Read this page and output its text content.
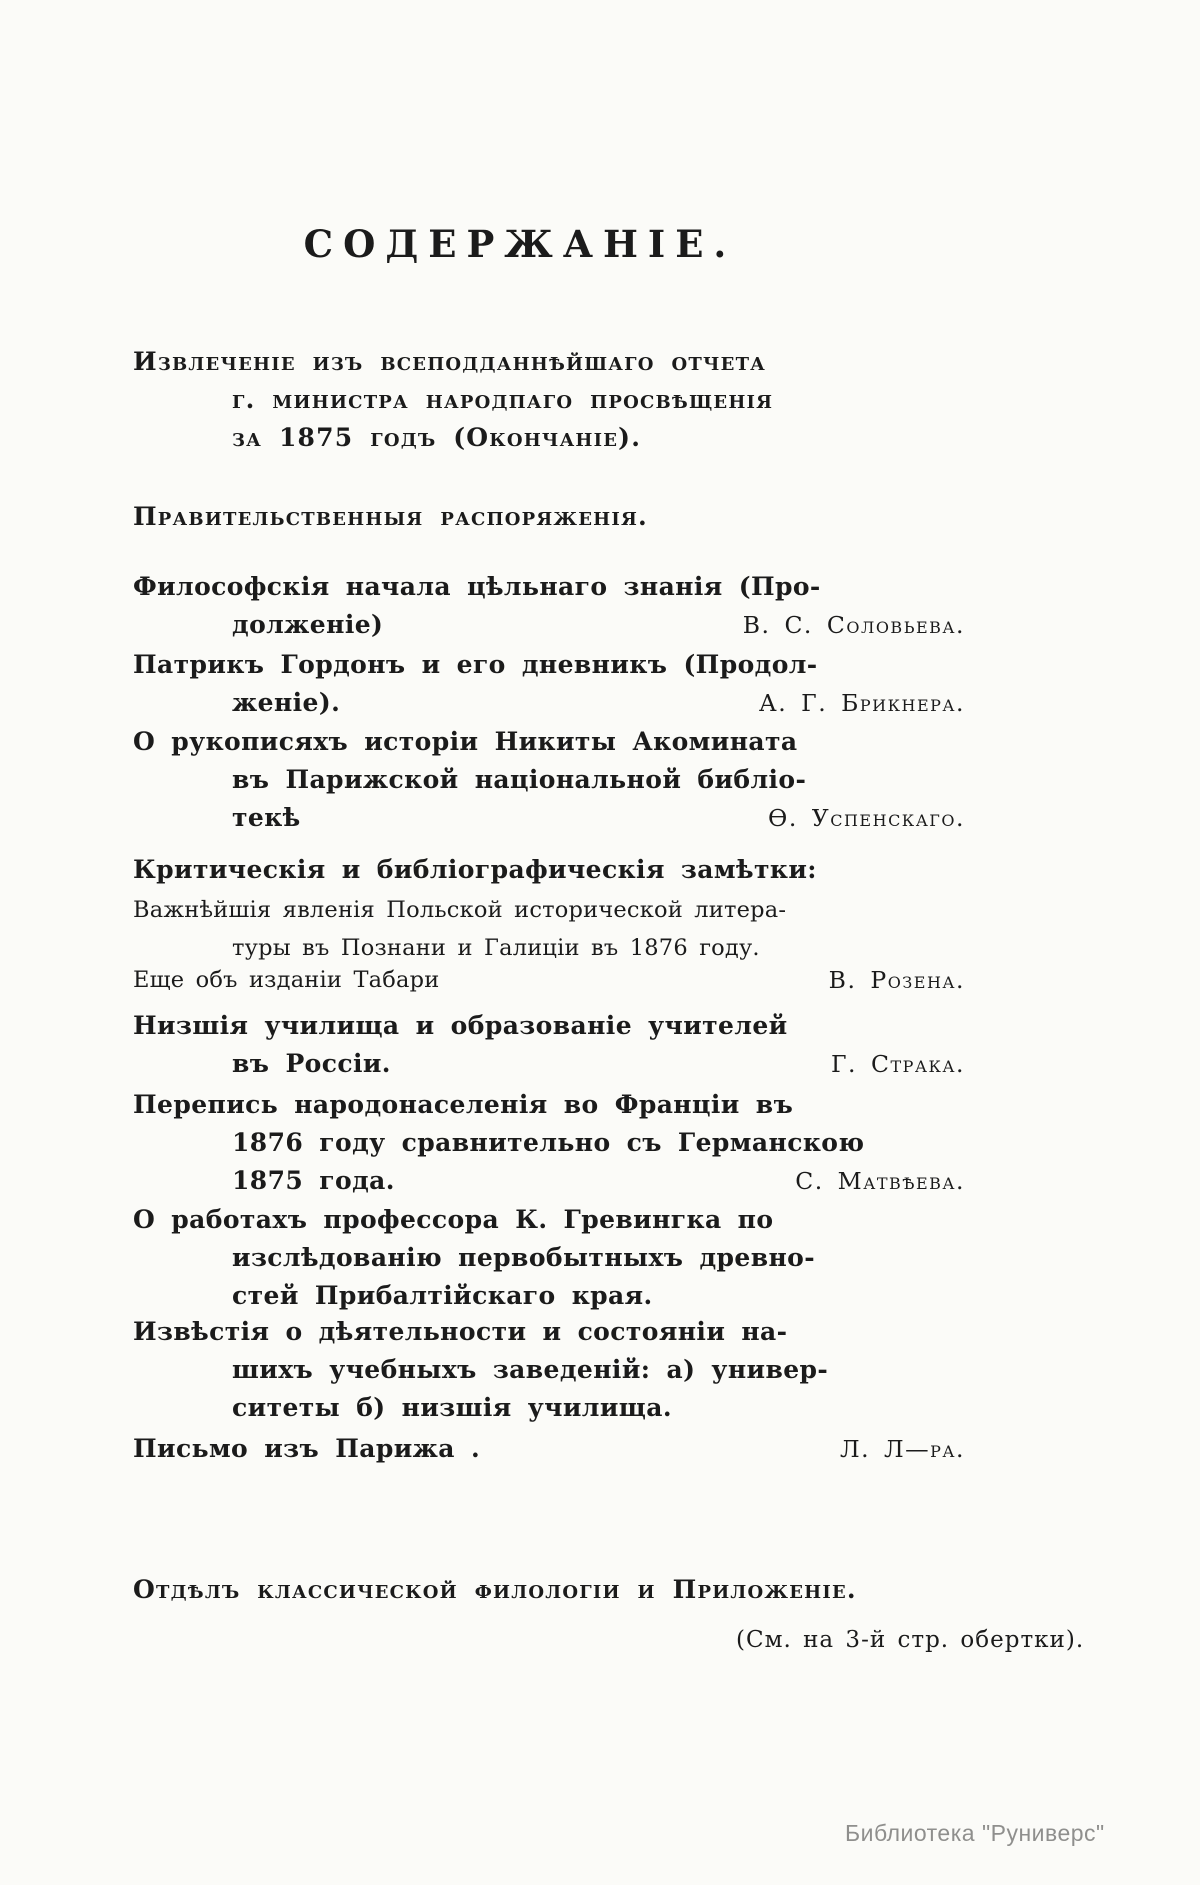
СОДЕРЖАНІЕ.
Извлеченіе изъ всеподданнѣйшаго отчета
г. министра народпаго просвѣщенія
за 1875 годъ (Окончаніе).
Правительственныя распоряженія.
Философскія начала цѣльнаго знанія (Про-
долженіе)	В. С. Соловьева.
Патрикъ Гордонъ и его дневникъ (Продол-
женіе).	А. Г. Брикнера.
О рукописяхъ исторіи Никиты Акомината
въ Парижской національной библіо-
текѣ	Ѳ. Успенскаго.
Критическія и библіографическія замѣтки:
Важнѣйшія явленія Польской исторической литера-
туры въ Познани и Галиціи въ 1876 году.
Еще объ изданіи Табари	В. Розена.
Низшія училища и образованіе учителей
въ Россіи.	Г. Страка.
Перепись народонаселенія во Франціи въ
1876 году сравнительно съ Германскою
1875 года.	С. Матвѣева.
О работахъ профессора К. Гревингка по
изслѣдованію первобытныхъ древно-
стей Прибалтійскаго края.
Извѣстія о дѣятельности и состояніи на-
шихъ учебныхъ заведеній: а) универ-
ситеты б) низшія училища.
Письмо изъ Парижа .	Л. Л—ра.
Отдѣлъ классической филологіи и Приложеніе.
(См. на 3-й стр. обертки).
Библиотека "Руниверс"
